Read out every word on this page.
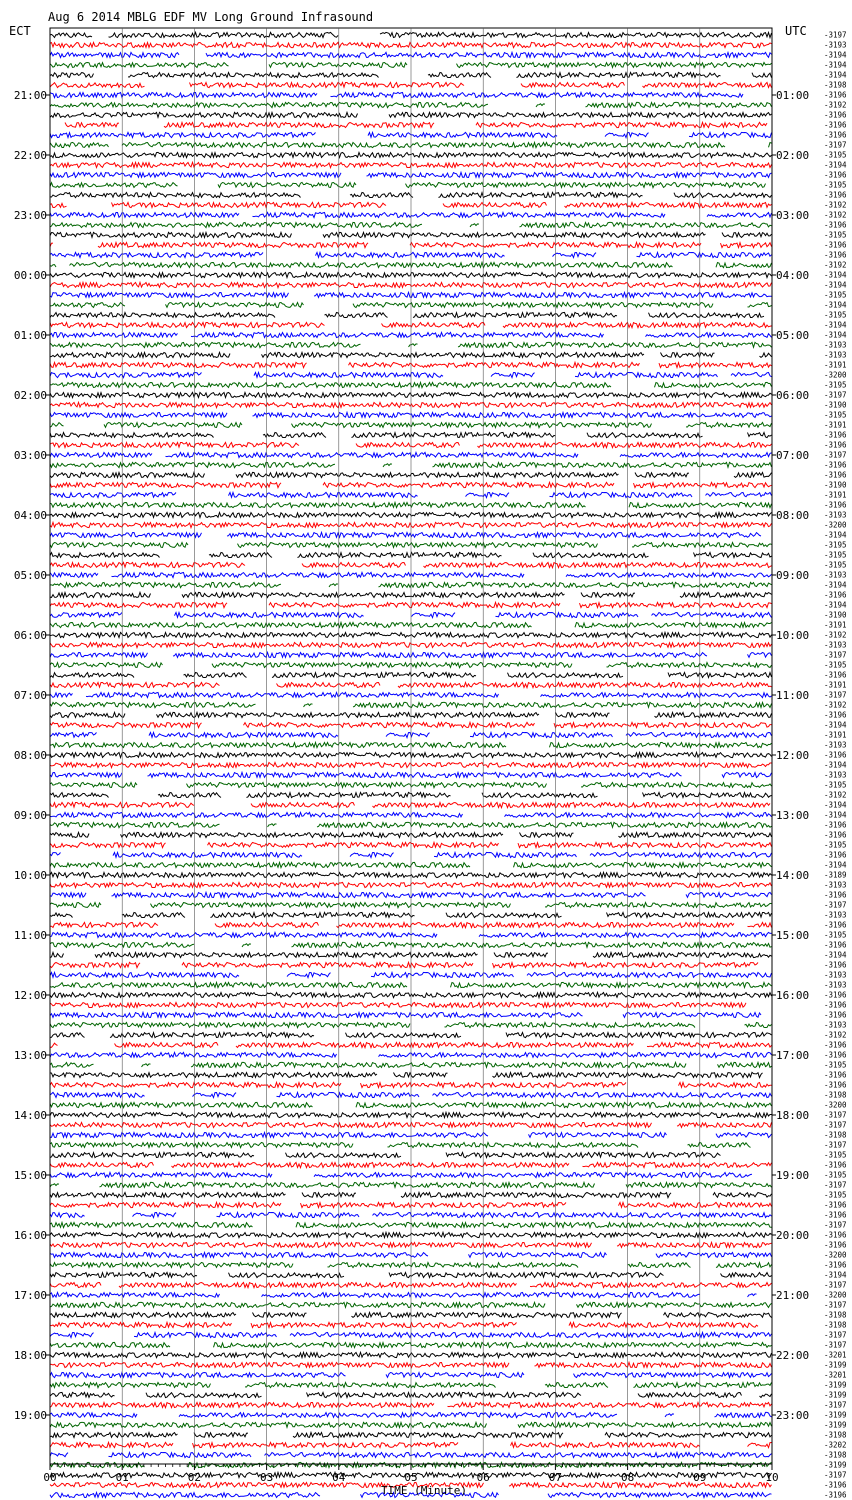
Aug 6 2014 MBLG EDF MV Long Ground Infrasound
ECT	UTC
00	01	02	03	04	05	06	07	08	09	10
21:00
22:00
23:00
00:00
01:00
02:00
03:00
04:00
05:00
06:00
07:00
08:00
09:00
10:00
11:00
12:00
13:00
14:00
15:00
16:00
17:00
18:00
19:00
01:00
02:00
03:00
04:00
05:00
06:00
07:00
08:00
09:00
10:00
11:00
12:00
13:00
14:00
15:00
16:00
17:00
18:00
19:00
20:00
21:00
22:00
23:00
-3197
-3193
-3194
-3194
-3194
-3198
-3196
-3192
-3196
-3196
-3196
-3197
-3195
-3194
-3196
-3195
-3196
-3192
-3192
-3196
-3195
-3196
-3196
-3192
-3194
-3194
-3195
-3194
-3195
-3194
-3194
-3193
-3193
-3191
-3200
-3195
-3197
-3190
-3195
-3191
-3196
-3196
-3197
-3196
-3196
-3190
-3191
-3196
-3193
-3200
-3194
-3195
-3195
-3195
-3193
-3194
-3196
-3194
-3190
-3191
-3192
-3193
-3197
-3195
-3196
-3191
-3197
-3192
-3196
-3194
-3191
-3193
-3196
-3194
-3193
-3195
-3192
-3194
-3194
-3196
-3196
-3195
-3196
-3194
-3189
-3193
-3196
-3197
-3193
-3196
-3195
-3196
-3194
-3196
-3193
-3193
-3196
-3196
-3196
-3193
-3192
-3196
-3196
-3195
-3196
-3196
-3198
-3200
-3197
-3197
-3198
-3197
-3195
-3196
-3195
-3197
-3195
-3196
-3196
-3197
-3196
-3196
-3200
-3196
-3194
-3197
-3200
-3197
-3198
-3198
-3197
-3197
-3201
-3199
-3201
-3199
-3199
-3197
-3199
-3199
-3198
-3202
-3198
-3199
-3197
-3196
-3196
TIME (Minute)
